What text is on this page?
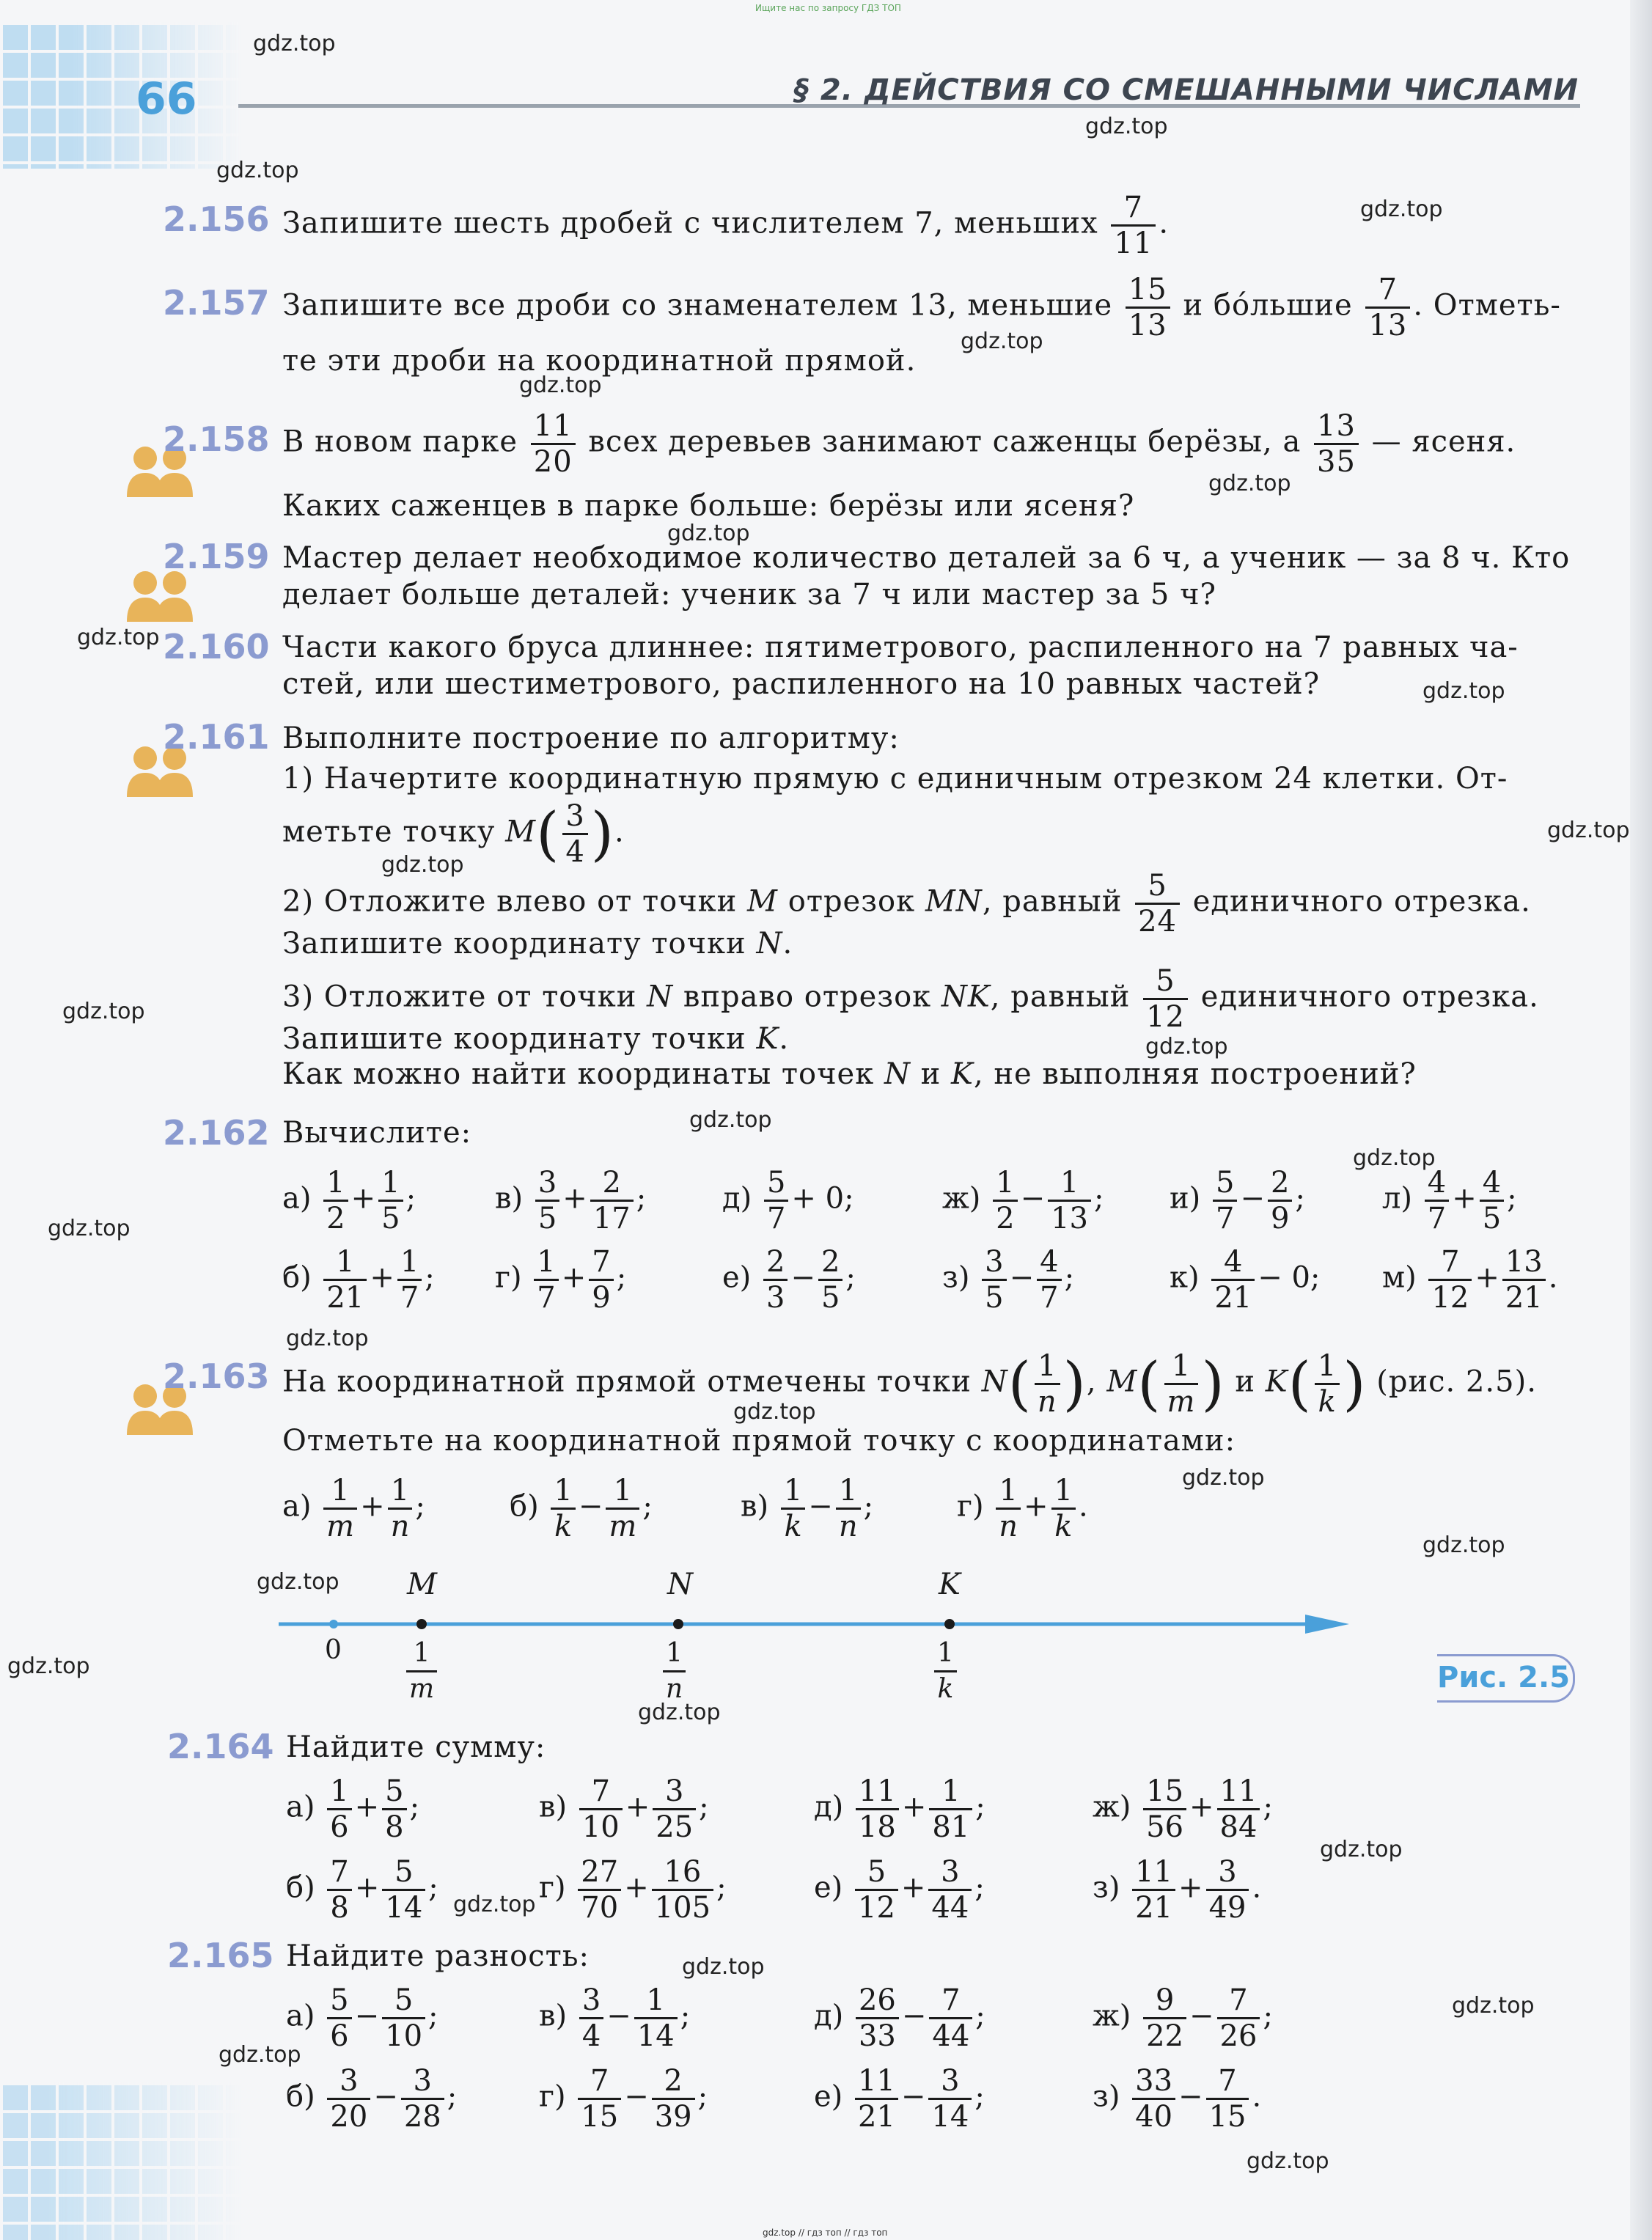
Ищите нас по запросу ГДЗ ТОП
gdz.top // гдз топ // гдз топ
66	§ 2. ДЕЙСТВИЯ СО СМЕШАННЫМИ ЧИСЛАМИ
gdz.top
gdz.top
gdz.top
gdz.top
gdz.top
gdz.top
gdz.top
gdz.top
gdz.top
gdz.top
gdz.top
gdz.top
gdz.top
gdz.top
gdz.top
gdz.top
gdz.top
gdz.top
gdz.top
gdz.top
gdz.top
gdz.top
gdz.top
gdz.top
gdz.top
gdz.top
gdz.top
gdz.top
gdz.top
gdz.top
2.156 Запишите шесть дробей с числителем 7, меньших $\frac{7}{11}$ .
2.157 Запишите все дроби со знаменателем 13, меньшие $\frac{15}{13}$ и бóльшие $\frac{7}{13}$ . Отметь-
те эти дроби на координатной прямой.
2.158 В новом парке $\frac{11}{20}$ всех деревьев занимают саженцы берёзы, а $\frac{13}{35}$ — ясеня.
Каких саженцев в парке больше: берёзы или ясеня?
2.159 Мастер делает необходимое количество деталей за 6 ч, а ученик — за 8 ч. Кто
делает больше деталей: ученик за 7 ч или мастер за 5 ч?
2.160 Части какого бруса длиннее: пятиметрового, распиленного на 7 равных ча-
стей, или шестиметрового, распиленного на 10 равных частей?
2.161 Выполните построение по алгоритму:
1) Начертите координатную прямую с единичным отрезком 24 клетки. От-
метьте точку $M( \frac{3}{4}$ ).
2) Отложите влево от точки M отрезок MN, равный $\frac{5}{24}$ единичного отрезка.
Запишите координату точки N.
3) Отложите от точки N вправо отрезок NK, равный $\frac{5}{12}$ единичного отрезка.
Запишите координату точки K.
Как можно найти координаты точек N и K, не выполняя построений?
2.162 Вычислите:
$а) \frac{1}{2} + \frac{1}{5}$ ;	$в) \frac{3}{5} + \frac{2}{17}$ ;	$д) \frac{5}{7} + 0$;	$ж) \frac{1}{2} - \frac{1}{13}$ ; $и) \frac{5}{7} - \frac{2}{9}$ ;	$л) \frac{4}{7} + \frac{4}{5}$ ;
$б) \frac{1}{21} + \frac{1}{7}$ ; $г) \frac{1}{7} + \frac{7}{9}$ ;	$е) \frac{2}{3} - \frac{2}{5}$ ;	$з) \frac{3}{5} - \frac{4}{7}$ ;	$к) \frac{4}{21} - 0$; $м) \frac{7}{12} + \frac{13}{21}$ .
2.163 На координатной прямой отмечены точки $N( \frac{1}{n}$ ), $M( \frac{1}{m}$ ) и $K( \frac{1}{k}$ ) (рис. 2.5).
Отметьте на координатной прямой точку с координатами:
$а) \frac{1}{m} + \frac{1}{n}$ ;	$б) \frac{1}{k} - \frac{1}{m}$ ;	$в) \frac{1}{k} - \frac{1}{n}$ ;	$г) \frac{1}{n} + \frac{1}{k}$ .
M	N	K
$0 \frac{1}{m}$	$\frac{1}{n}$	$\frac{1}{k}$	Рис. 2.5
2.164 Найдите сумму:
$а) \frac{1}{6} + \frac{5}{8}$ ;	$в) \frac{7}{10} + \frac{3}{25}$ ;	$д) \frac{11}{18} + \frac{1}{81}$ ;	$ж) \frac{15}{56} + \frac{11}{84}$ ;
$б) \frac{7}{8} + \frac{5}{14}$ ;	$г) \frac{27}{70} + \frac{16}{105}$ ;	$е) \frac{5}{12} + \frac{3}{44}$ ;	$з) \frac{11}{21} + \frac{3}{49}$ .
2.165 Найдите разность:
$а) \frac{5}{6} - \frac{5}{10}$ ;	$в) \frac{3}{4} - \frac{1}{14}$ ;	$д) \frac{26}{33} - \frac{7}{44}$ ;	$ж) \frac{9}{22} - \frac{7}{26}$ ;
$б) \frac{3}{20} - \frac{3}{28}$ ;	$г) \frac{7}{15} - \frac{2}{39}$ ;	$е) \frac{11}{21} - \frac{3}{14}$ ;	$з) \frac{33}{40} - \frac{7}{15}$ .
